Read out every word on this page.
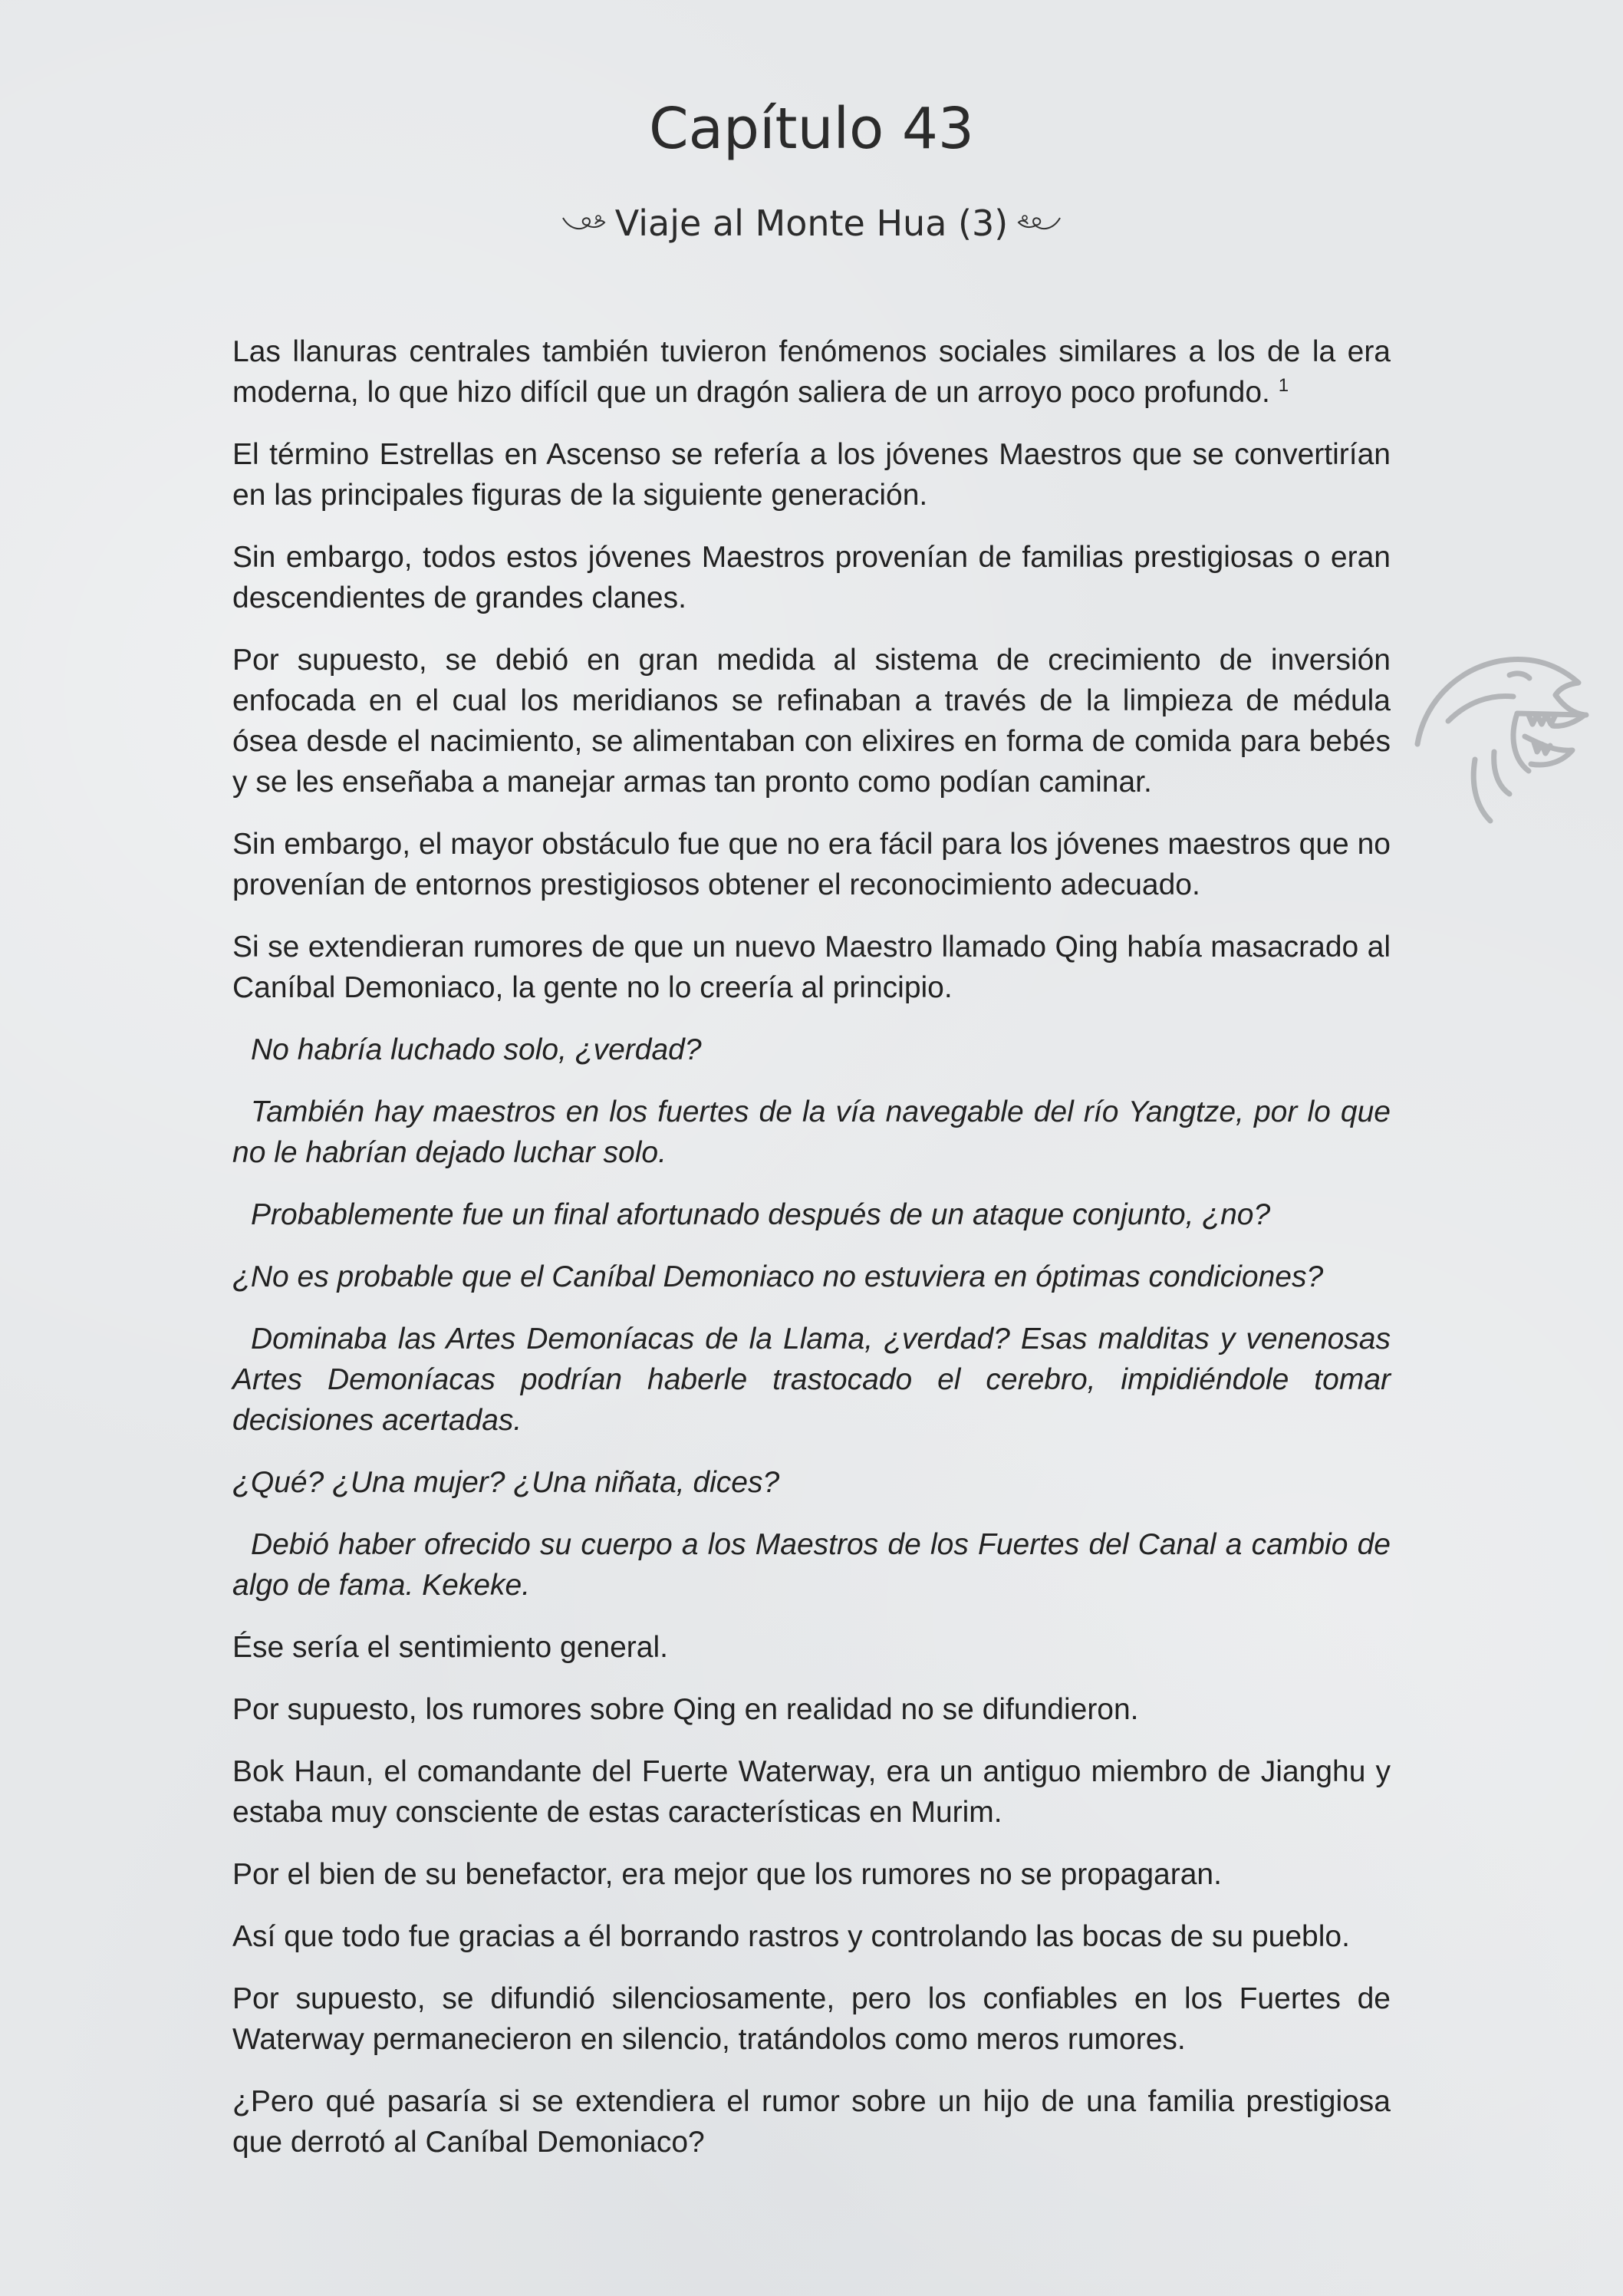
Capítulo 43
Viaje al Monte Hua (3)

Las llanuras centrales también tuvieron fenómenos sociales similares a los de la era moderna, lo que hizo difícil que un dragón saliera de un arroyo poco profundo. $^1$

El término Estrellas en Ascenso se refería a los jóvenes Maestros que se convertirían en las principales figuras de la siguiente generación.

Sin embargo, todos estos jóvenes Maestros provenían de familias prestigiosas o eran descendientes de grandes clanes.

Por supuesto, se debió en gran medida al sistema de crecimiento de inversión enfocada en el cual los meridianos se refinaban a través de la limpieza de médula ósea desde el nacimiento, se alimentaban con elixires en forma de comida para bebés y se les enseñaba a manejar armas tan pronto como podían caminar.

Sin embargo, el mayor obstáculo fue que no era fácil para los jóvenes maestros que no provenían de entornos prestigiosos obtener el reconocimiento adecuado.

Si se extendieran rumores de que un nuevo Maestro llamado Qing había masacrado al Caníbal Demoniaco, la gente no lo creería al principio.

No habría luchado solo, ¿verdad?

También hay maestros en los fuertes de la vía navegable del río Yangtze, por lo que no le habrían dejado luchar solo.

Probablemente fue un final afortunado después de un ataque conjunto, ¿no?

¿No es probable que el Caníbal Demoniaco no estuviera en óptimas condiciones?

Dominaba las Artes Demoníacas de la Llama, ¿verdad? Esas malditas y venenosas Artes Demoníacas podrían haberle trastocado el cerebro, impidiéndole tomar decisiones acertadas.

¿Qué? ¿Una mujer? ¿Una niñata, dices?

Debió haber ofrecido su cuerpo a los Maestros de los Fuertes del Canal a cambio de algo de fama. Kekeke.

Ése sería el sentimiento general.

Por supuesto, los rumores sobre Qing en realidad no se difundieron.

Bok Haun, el comandante del Fuerte Waterway, era un antiguo miembro de Jianghu y estaba muy consciente de estas características en Murim.

Por el bien de su benefactor, era mejor que los rumores no se propagaran.

Así que todo fue gracias a él borrando rastros y controlando las bocas de su pueblo.

Por supuesto, se difundió silenciosamente, pero los confiables en los Fuertes de Waterway permanecieron en silencio, tratándolos como meros rumores.

¿Pero qué pasaría si se extendiera el rumor sobre un hijo de una familia prestigiosa que derrotó al Caníbal Demoniaco?
